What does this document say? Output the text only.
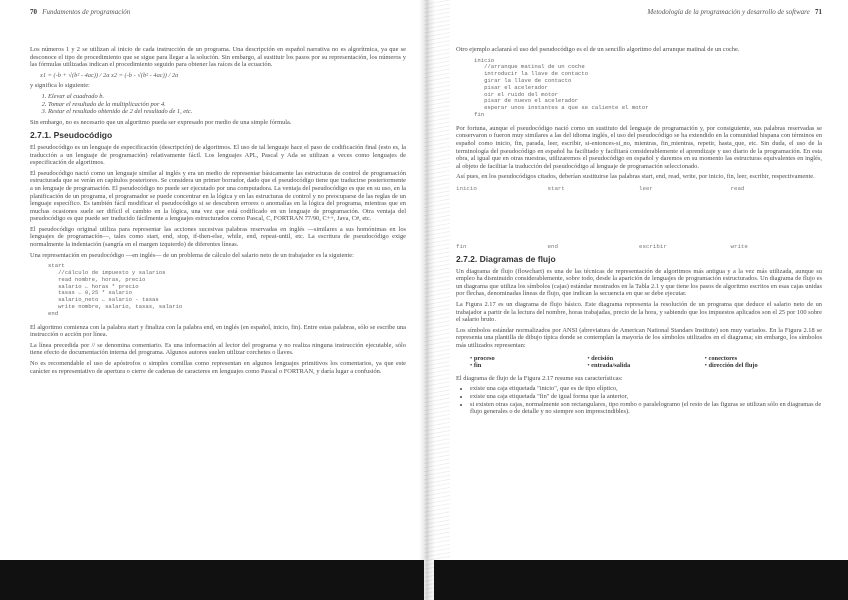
70 Fundamentos de programación

Los números 1 y 2 se utilizan al inicio de cada instrucción de un programa. Una descripción en español narrativa no es algorítmica, ya que se desconoce el tipo de procedimiento que se sigue para llegar a la solución. Sin embargo, al sustituir los pasos por su representación, los números y las fórmulas utilizadas indican el procedimiento seguido para obtener las raíces de la ecuación.

x1 = (-b + √(b² - 4ac)) / 2a x2 = (-b - √(b² - 4ac)) / 2a

y significa lo siguiente:

1. Elevar al cuadrado b.
2. Tomar el resultado de la multiplicación por 4.
3. Restar el resultado obtenido de 2 del resultado de 1, etc.

Sin embargo, no es necesario que un algoritmo pueda ser expresado por medio de una simple fórmula.

2.7.1. Pseudocódigo

El pseudocódigo es un lenguaje de especificación (descripción) de algoritmos. El uso de tal lenguaje hace el paso de codificación final (esto es, la traducción a un lenguaje de programación) relativamente fácil. Los lenguajes APL, Pascal y Ada se utilizan a veces como lenguajes de especificación de algoritmos.

El pseudocódigo nació como un lenguaje similar al inglés y era un medio de representar básicamente las estructuras de control de programación estructurada que se verán en capítulos posteriores. Se considera un primer borrador, dado que el pseudocódigo tiene que traducirse posteriormente a un lenguaje de programación. El pseudocódigo no puede ser ejecutado por una computadora. La ventaja del pseudocódigo es que en su uso, en la planificación de un programa, el programador se puede concentrar en la lógica y en las estructuras de control y no preocuparse de las reglas de un lenguaje específico. Es también fácil modificar el pseudocódigo si se descubren errores o anomalías en la lógica del programa, mientras que en muchas ocasiones suele ser difícil el cambio en la lógica, una vez que está codificado en un lenguaje de programación. Otra ventaja del pseudocódigo es que puede ser traducido fácilmente a lenguajes estructurados como Pascal, C, FORTRAN 77/90, C++, Java, C#, etc.

El pseudocódigo original utiliza para representar las acciones sucesivas palabras reservadas en inglés —similares a sus homónimas en los lenguajes de programación—, tales como start, end, stop, if-then-else, while, end, repeat-until, etc. La escritura de pseudocódigo exige normalmente la indentación (sangría en el margen izquierdo) de diferentes líneas.

Una representación en pseudocódigo —en inglés— de un problema de cálculo del salario neto de un trabajador es la siguiente:

start
//cálculo de impuesto y salarios
read nombre, horas, precio
salario ← horas * precio
tasas ← 0,25 * salario
salario_neto ← salario - tasas
write nombre, salario, tasas, salario
end

El algoritmo comienza con la palabra start y finaliza con la palabra end, en inglés (en español, inicio, fin). Entre estas palabras, sólo se escribe una instrucción o acción por línea.

La línea precedida por // se denomina comentario. Es una información al lector del programa y no realiza ninguna instrucción ejecutable, sólo tiene efecto de documentación interna del programa. Algunos autores suelen utilizar corchetes o llaves.

No es recomendable el uso de apóstrofos o simples comillas como representan en algunos lenguajes primitivos los comentarios, ya que este carácter es representativo de apertura o cierre de cadenas de caracteres en lenguajes como Pascal o FORTRAN, y daría lugar a confusión.

Metodología de la programación y desarrollo de software 71

Otro ejemplo aclarará el uso del pseudocódigo es el de un sencillo algoritmo del arranque matinal de un coche.

inicio
//arranque matinal de un coche
introducir la llave de contacto
girar la llave de contacto
pisar el acelerador
oír el ruido del motor
pisar de nuevo el acelerador
esperar unos instantes a que se caliente el motor
fin

Por fortuna, aunque el pseudocódigo nació como un sustituto del lenguaje de programación y, por consiguiente, sus palabras reservadas se conservaron o fueron muy similares a las del idioma inglés, el uso del pseudocódigo se ha extendido en la comunidad hispana con términos en español como inicio, fin, parada, leer, escribir, si-entonces-si_no, mientras, fin_mientras, repetir, hasta_que, etc. Sin duda, el uso de la terminología del pseudocódigo en español ha facilitado y facilitará considerablemente el aprendizaje y uso diario de la programación. En esta obra, al igual que en otras nuestras, utilizaremos el pseudocódigo en español y daremos en su momento las estructuras equivalentes en inglés, al objeto de facilitar la traducción del pseudocódigo al lenguaje de programación seleccionado.

Así pues, en los pseudocódigos citados, deberían sustituirse las palabras start, end, read, write, por inicio, fin, leer, escribir, respectivamente.

inicio	start	leer	read
fin	end	escribir	write
2.7.2. Diagramas de flujo

Un diagrama de flujo (flowchart) es una de las técnicas de representación de algoritmos más antigua y a la vez más utilizada, aunque su empleo ha disminuido considerablemente, sobre todo, desde la aparición de lenguajes de programación estructurados. Un diagrama de flujo es un diagrama que utiliza los símbolos (cajas) estándar mostrados en la Tabla 2.1 y que tiene los pasos de algoritmo escritos en esas cajas unidas por flechas, denominadas líneas de flujo, que indican la secuencia en que se debe ejecutar.

La Figura 2.17 es un diagrama de flujo básico. Este diagrama representa la resolución de un programa que deduce el salario neto de un trabajador a partir de la lectura del nombre, horas trabajadas, precio de la hora, y sabiendo que los impuestos aplicados son el 25 por 100 sobre el salario bruto.

Los símbolos estándar normalizados por ANSI (abreviatura de American National Standars Institute) son muy variados. En la Figura 2.18 se representa una plantilla de dibujo típica donde se contemplan la mayoría de los símbolos utilizados en el diagrama; sin embargo, los símbolos más utilizados representan:

• proceso	• decisión	• conectores
• fin	• entrada/salida	• dirección del flujo

El diagrama de flujo de la Figura 2.17 resume sus características:

• existe una caja etiquetada "inicio", que es de tipo elíptico,
• existe una caja etiquetada "fin" de igual forma que la anterior,
• si existen otras cajas, normalmente son rectangulares, tipo rombo o paralelogramo (el resto de las figuras se utilizan sólo en diagramas de flujo generales o de detalle y no siempre son imprescindibles).
